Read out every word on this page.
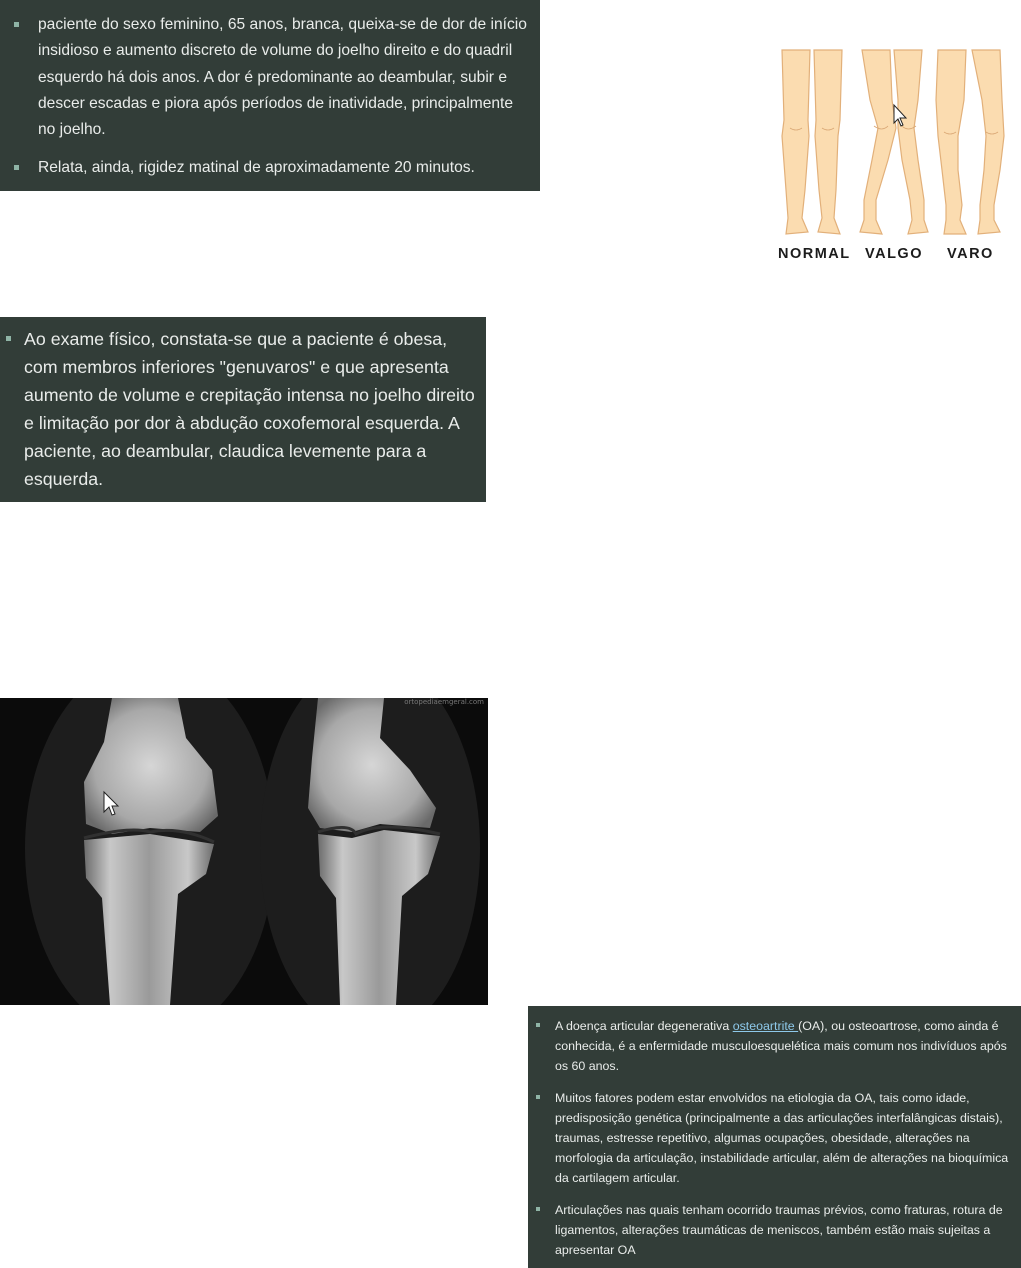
paciente do sexo feminino, 65 anos, branca, queixa-se de dor de início insidioso e aumento discreto de volume do joelho direito e do quadril esquerdo há dois anos. A dor é predominante ao deambular, subir e descer escadas e piora após períodos de inatividade, principalmente no joelho.
Relata, ainda, rigidez matinal de aproximadamente 20 minutos.
NORMAL VALGO VARO
Ao exame físico, constata-se que a paciente é obesa, com membros inferiores "genuvaros" e que apresenta aumento de volume e crepitação intensa no joelho direito e limitação por dor à abdução coxofemoral esquerda. A paciente, ao deambular, claudica levemente para a esquerda.
ortopediaemgeral.com
A doença articular degenerativa osteoartrite (OA), ou osteoartrose, como ainda é conhecida, é a enfermidade musculoesquelética mais comum nos indivíduos após os 60 anos.
Muitos fatores podem estar envolvidos na etiologia da OA, tais como idade, predisposição genética (principalmente a das articulações interfalângicas distais), traumas, estresse repetitivo, algumas ocupações, obesidade, alterações na morfologia da articulação, instabilidade articular, além de alterações na bioquímica da cartilagem articular.
Articulações nas quais tenham ocorrido traumas prévios, como fraturas, rotura de ligamentos, alterações traumáticas de meniscos, também estão mais sujeitas a apresentar OA
